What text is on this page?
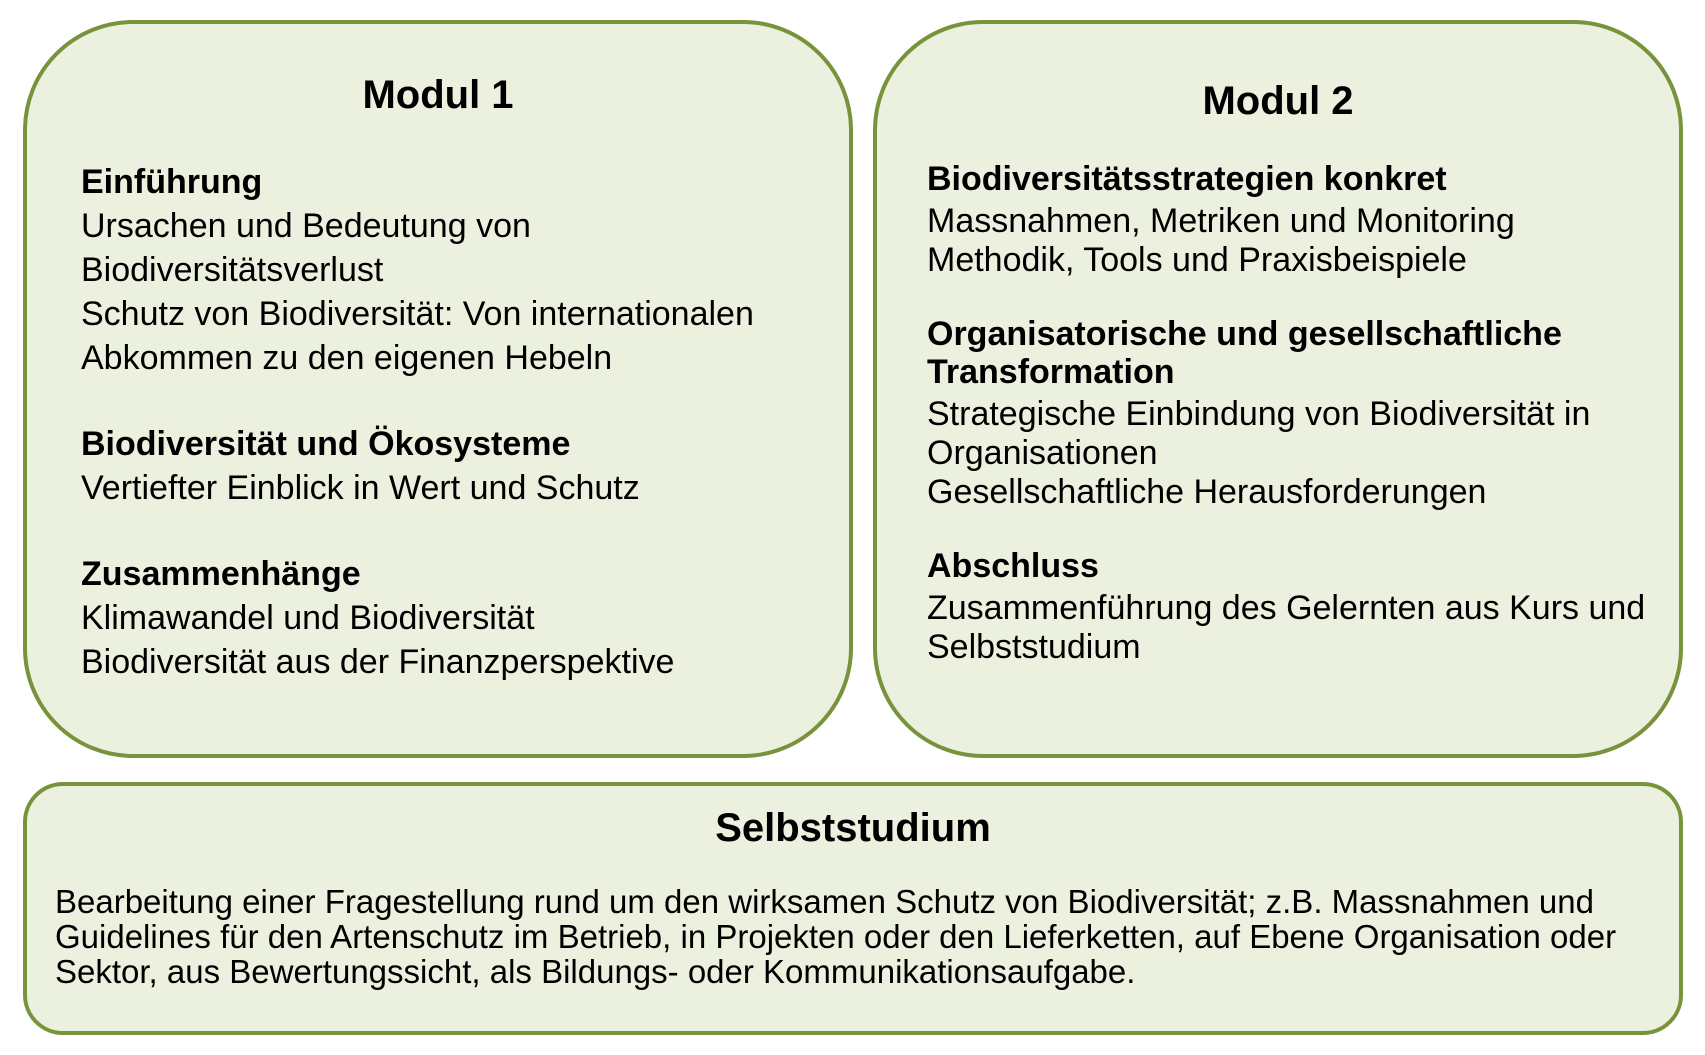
Modul 1
Einführung
Ursachen und Bedeutung von
Biodiversitätsverlust
Schutz von Biodiversität: Von internationalen
Abkommen zu den eigenen Hebeln
Biodiversität und Ökosysteme
Vertiefter Einblick in Wert und Schutz
Zusammenhänge
Klimawandel und Biodiversität
Biodiversität aus der Finanzperspektive
Modul 2
Biodiversitätsstrategien konkret
Massnahmen, Metriken und Monitoring
Methodik, Tools und Praxisbeispiele
Organisatorische und gesellschaftliche Transformation
Strategische Einbindung von Biodiversität in Organisationen
Gesellschaftliche Herausforderungen
Abschluss
Zusammenführung des Gelernten aus Kurs und Selbststudium
Selbststudium

Bearbeitung einer Fragestellung rund um den wirksamen Schutz von Biodiversität; z.B. Massnahmen und Guidelines für den Artenschutz im Betrieb, in Projekten oder den Lieferketten, auf Ebene Organisation oder Sektor, aus Bewertungssicht, als Bildungs- oder Kommunikationsaufgabe.
